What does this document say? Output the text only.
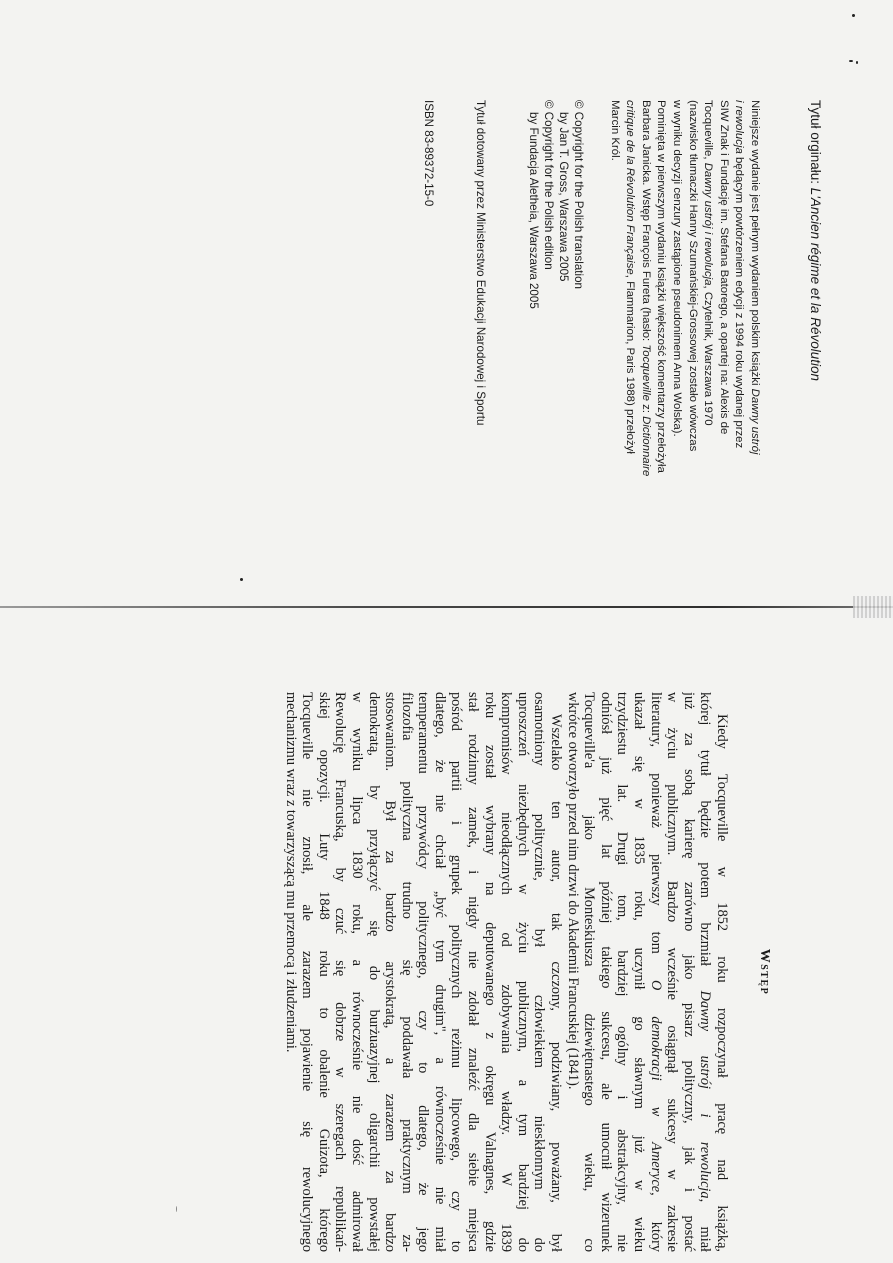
Tytuł orginału: L'Ancien régime et la Révolution

Niniejsze wydanie jest pełnym wydaniem polskim książki Dawny ustrój
i rewolucja będącym powtórzeniem edycji z 1994 roku wydanej przez
SIW Znak i Fundację im. Stefana Batorego, a opartej na: Alexis de
Tocqueville, Dawny ustrój i rewolucja, Czytelnik, Warszawa 1970
(nazwisko tłumaczki Hanny Szumańskiej-Grossowej zostało wówczas
w wyniku decyzji cenzury zastąpione pseudonimem Anna Wolska).
Pominięta w pierwszym wydaniu książki większość komentarzy przełożyła
Barbara Janicka. Wstęp François Fureta (hasło: Tocqueville z: Dictionnaire
critique de la Révolution Française, Flammarion, Paris 1988) przełożył
Marcin Król.
© Copyright for the Polish translation
by Jan T. Gross, Warszawa 2005
© Copyright for the Polish edition
by Fundacja Aletheia, Warszawa 2005

Tytuł dotowany przez Ministerstwo Edukacji Narodowej i Sportu

ISBN 83-89372-15-0

Wstęp
Kiedy Tocqueville w 1852 roku rozpoczynał pracę nad książką,
której tytuł będzie potem brzmiał Dawny ustrój i rewolucja, miał
już za sobą karierę zarówno jako pisarz polityczny, jak i postać
w życiu publicznym. Bardzo wcześnie osiągnął sukcesy w zakresie
literatury, ponieważ pierwszy tom O demokracji w Ameryce, który
ukazał się w 1835 roku, uczynił go sławnym już w wieku
trzydziestu lat. Drugi tom, bardziej ogólny i abstrakcyjny, nie
odniósł już pięć lat później takiego sukcesu, ale umocnił wizerunek
Tocqueville'a jako Monteskiusza dziewiętnastego wieku, co
wkrótce otworzyło przed nim drzwi do Akademii Francuskiej (1841).
Wszelako ten autor, tak czczony, podziwiany, poważany, był
osamotniony politycznie, był człowiekiem nieskłonnym do
uproszczeń niezbędnych w życiu publicznym, a tym bardziej do
kompromisów nieodłącznych od zdobywania władzy. W 1839
roku został wybrany na deputowanego z okręgu Valnagnes, gdzie
stał rodzinny zamek, i nigdy nie zdołał znaleźć dla siebie miejsca
pośród partii i grupek politycznych reżimu lipcowego, czy to
dlatego, że nie chciał „być tym drugim", a równocześnie nie miał
temperamentu przywódcy politycznego, czy to dlatego, że jego
filozofia polityczna trudno się poddawała praktycznym za-
stosowaniom. Był za bardzo arystokratą, a zarazem za bardzo
demokratą, by przyłączyć się do burżuazyjnej oligarchii powstałej
w wyniku lipca 1830 roku, a równocześnie nie dość admirował
Rewolucję Francuską, by czuć się dobrze w szeregach republikań-
skiej opozycji. Luty 1848 roku to obalenie Guizota, którego
Tocqueville nie znosił, ale zarazem pojawienie się rewolucyjnego
mechanizmu wraz z towarzyszącą mu przemocą i złudzeniami.
